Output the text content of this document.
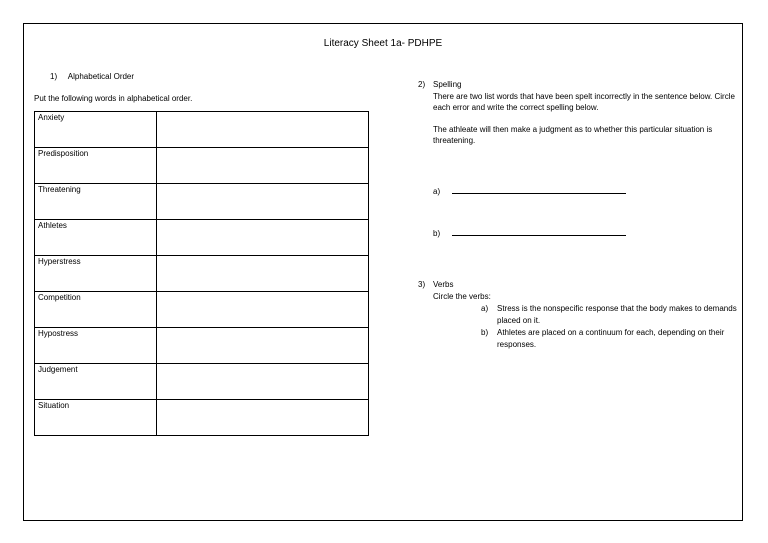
Literacy Sheet 1a- PDHPE
1) Alphabetical Order
Put the following words in alphabetical order.
Anxiety	
Predisposition	
Threatening	
Athletes	
Hyperstress	
Competition	
Hypostress	
Judgement	
Situation	
2) Spelling

There are two list words that have been spelt incorrectly in the sentence below. Circle each error and write the correct spelling below.

The athleate will then make a judgment as to whether this particular situation is threatening.

a)
b)
3) Verbs

Circle the verbs:

a) Stress is the nonspecific response that the body makes to demands placed on it.
b) Athletes are placed on a continuum for each, depending on their responses.
